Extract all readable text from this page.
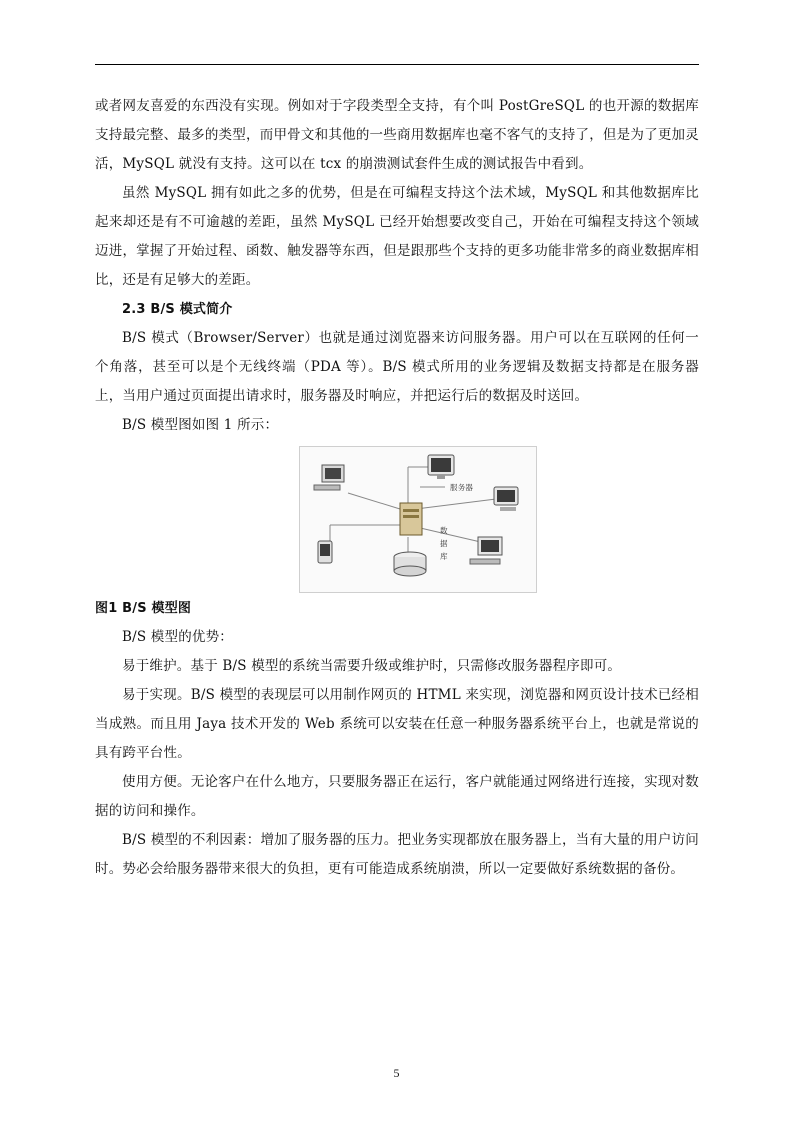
或者网友喜爱的东西没有实现。例如对于字段类型全支持，有个叫 PostGreSQL 的也开源的数据库支持最完整、最多的类型，而甲骨文和其他的一些商用数据库也毫不客气的支持了，但是为了更加灵活，MySQL 就没有支持。这可以在 tcx 的崩溃测试套件生成的测试报告中看到。

虽然 MySQL 拥有如此之多的优势，但是在可编程支持这个法术域，MySQL 和其他数据库比起来却还是有不可逾越的差距，虽然 MySQL 已经开始想要改变自己，开始在可编程支持这个领域迈进，掌握了开始过程、函数、触发器等东西，但是跟那些个支持的更多功能非常多的商业数据库相比，还是有足够大的差距。

2.3 B/S 模式简介

B/S 模式（Browser/Server）也就是通过浏览器来访问服务器。用户可以在互联网的任何一个角落，甚至可以是个无线终端（PDA 等）。B/S 模式所用的业务逻辑及数据支持都是在服务器上，当用户通过页面提出请求时，服务器及时响应，并把运行后的数据及时送回。

B/S 模型图如图 1 所示：

服务器
数
据
库

图1 B/S 模型图

B/S 模型的优势：

易于维护。基于 B/S 模型的系统当需要升级或维护时，只需修改服务器程序即可。

易于实现。B/S 模型的表现层可以用制作网页的 HTML 来实现，浏览器和网页设计技术已经相当成熟。而且用 Jaya 技术开发的 Web 系统可以安装在任意一种服务器系统平台上，也就是常说的具有跨平台性。

使用方便。无论客户在什么地方，只要服务器正在运行，客户就能通过网络进行连接，实现对数据的访问和操作。

B/S 模型的不利因素：增加了服务器的压力。把业务实现都放在服务器上，当有大量的用户访问时。势必会给服务器带来很大的负担，更有可能造成系统崩溃，所以一定要做好系统数据的备份。

5
